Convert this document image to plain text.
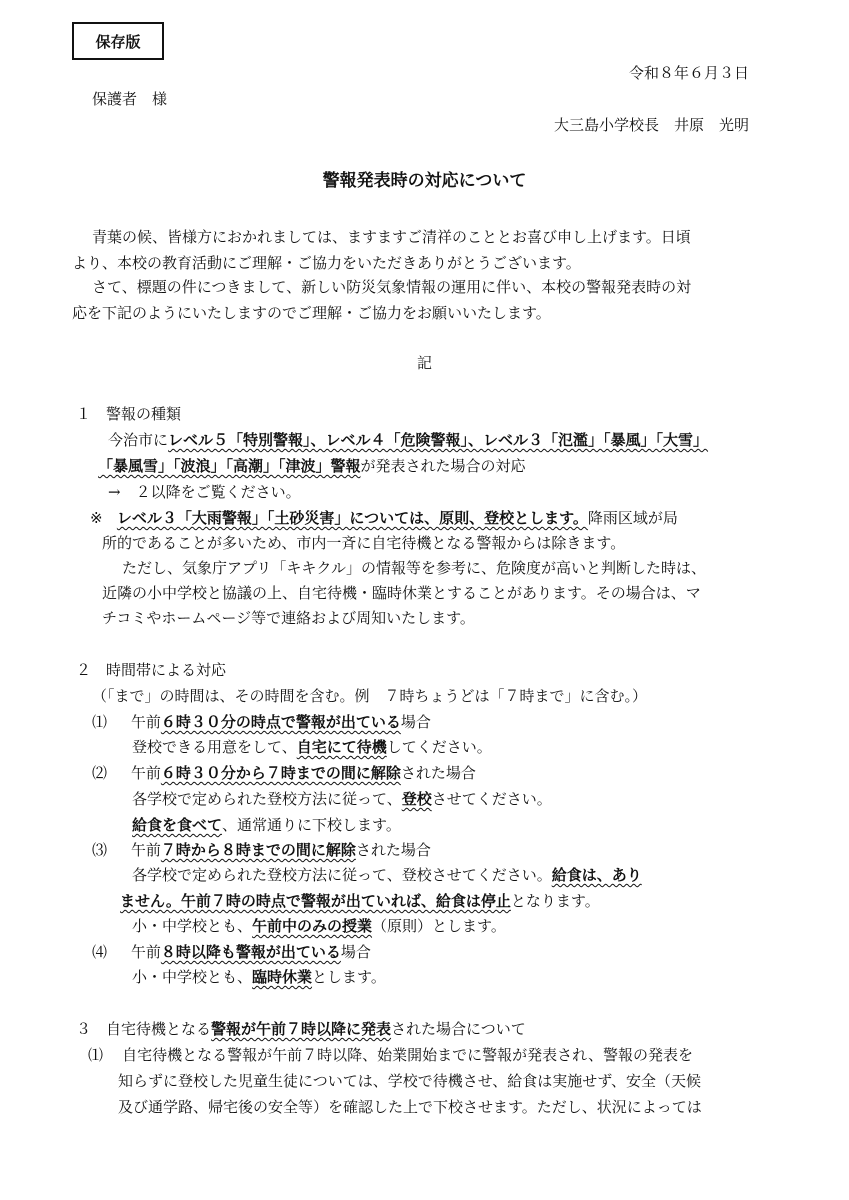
保存版
令和８年６月３日
保護者　様
大三島小学校長　井原　光明
警報発表時の対応について
青葉の候、皆様方におかれましては、ますますご清祥のこととお喜び申し上げます。日頃
より、本校の教育活動にご理解・ご協力をいただきありがとうございます。
さて、標題の件につきまして、新しい防災気象情報の運用に伴い、本校の警報発表時の対
応を下記のようにいたしますのでご理解・ご協力をお願いいたします。
記
１　警報の種類
今治市にレベル５「特別警報」、レベル４「危険警報」、レベル３「氾濫」「暴風」「大雪」
「暴風雪」「波浪」「高潮」「津波」警報が発表された場合の対応
→　２以降をご覧ください。
※ レベル３「大雨警報」「土砂災害」については、原則、登校とします。降雨区域が局
所的であることが多いため、市内一斉に自宅待機となる警報からは除きます。
ただし、気象庁アプリ「キキクル」の情報等を参考に、危険度が高いと判断した時は、
近隣の小中学校と協議の上、自宅待機・臨時休業とすることがあります。その場合は、マ
チコミやホームページ等で連絡および周知いたします。
２　時間帯による対応
（「まで」の時間は、その時間を含む。例　７時ちょうどは「７時まで」に含む。）
⑴ 午前６時３０分の時点で警報が出ている場合
登校できる用意をして、自宅にて待機してください。
⑵ 午前６時３０分から７時までの間に解除された場合
各学校で定められた登校方法に従って、登校させてください。
給食を食べて、通常通りに下校します。
⑶ 午前７時から８時までの間に解除された場合
各学校で定められた登校方法に従って、登校させてください。給食は、あり
ません。午前７時の時点で警報が出ていれば、給食は停止となります。
小・中学校とも、午前中のみの授業（原則）とします。
⑷ 午前８時以降も警報が出ている場合
小・中学校とも、臨時休業とします。
３　自宅待機となる警報が午前７時以降に発表された場合について
⑴ 自宅待機となる警報が午前７時以降、始業開始までに警報が発表され、警報の発表を
知らずに登校した児童生徒については、学校で待機させ、給食は実施せず、安全（天候
及び通学路、帰宅後の安全等）を確認した上で下校させます。ただし、状況によっては
